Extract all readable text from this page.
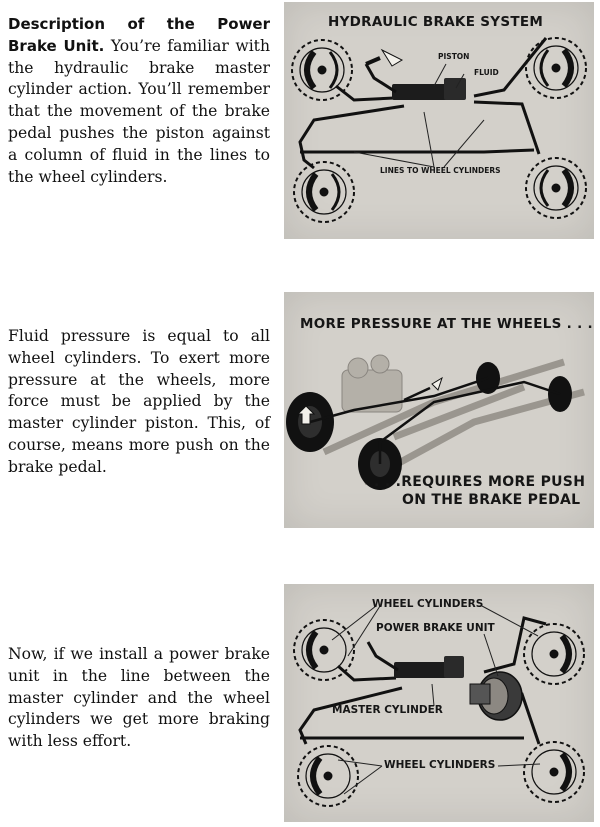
Description of the Power Brake Unit. You’re familiar with the hydraulic brake master cylinder action. You’ll remember that the movement of the brake pedal pushes the piston against a column of fluid in the lines to the wheel cylinders.
Fluid pressure is equal to all wheel cylinders. To exert more pressure at the wheels, more force must be applied by the master cylinder piston. This, of course, means more push on the brake pedal.
Now, if we install a power brake unit in the line between the master cylinder and the wheel cylinders we get more braking with less effort.
HYDRAULIC BRAKE SYSTEM
PISTON
FLUID
LINES TO WHEEL CYLINDERS
MORE PRESSURE AT THE WHEELS . . .
. . .REQUIRES MORE PUSH
ON THE BRAKE PEDAL
WHEEL CYLINDERS
POWER BRAKE UNIT
MASTER CYLINDER
WHEEL CYLINDERS
